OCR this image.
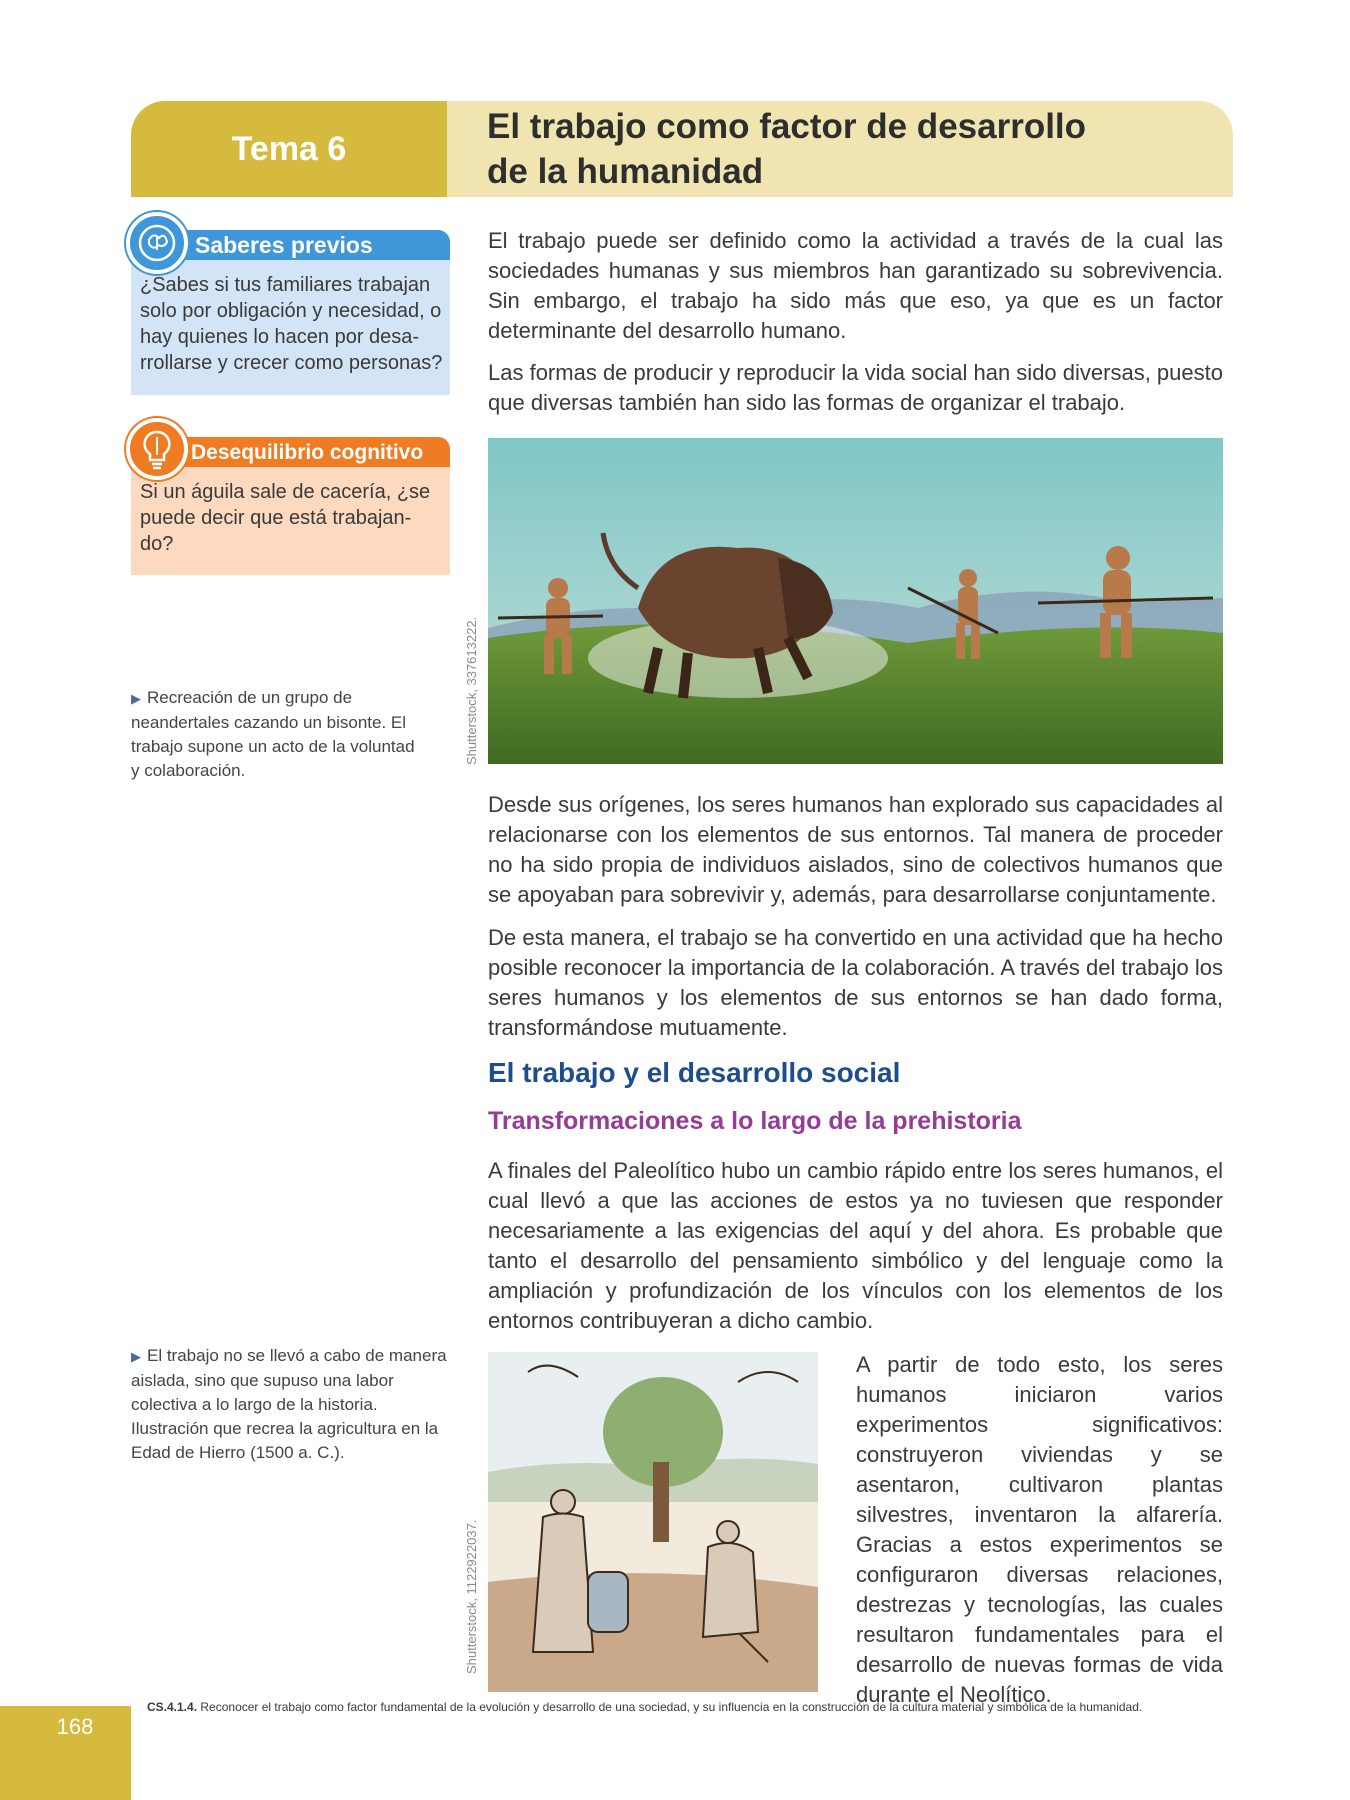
Tema 6
El trabajo como factor de desarrollo
de la humanidad
Saberes previos
¿Sabes si tus familiares trabajan solo por obligación y necesidad, o hay quienes lo hacen por desa-rrollarse y crecer como personas?
Desequilibrio cognitivo
Si un águila sale de cacería, ¿se puede decir que está trabajan-do?
▶ Recreación de un grupo de neandertales cazando un bisonte. El trabajo supone un acto de la voluntad y colaboración.
▶ El trabajo no se llevó a cabo de manera aislada, sino que supuso una labor colectiva a lo largo de la historia. Ilustración que recrea la agricultura en la Edad de Hierro (1500 a. C.).
Shutterstock, 337613222.
Shutterstock, 1122922037.
El trabajo puede ser definido como la actividad a través de la cual las sociedades humanas y sus miembros han garantizado su sobrevivencia. Sin embargo, el trabajo ha sido más que eso, ya que es un factor determinante del desarrollo humano.
Las formas de producir y reproducir la vida social han sido diversas, puesto que diversas también han sido las formas de organizar el trabajo.
Desde sus orígenes, los seres humanos han explorado sus capacidades al relacionarse con los elementos de sus entornos. Tal manera de proceder no ha sido propia de individuos aislados, sino de colectivos humanos que se apoyaban para sobrevivir y, además, para desarrollarse conjuntamente.
De esta manera, el trabajo se ha convertido en una actividad que ha hecho posible reconocer la importancia de la colaboración. A través del trabajo los seres humanos y los elementos de sus entornos se han dado forma, transformándose mutuamente.
El trabajo y el desarrollo social
Transformaciones a lo largo de la prehistoria
A finales del Paleolítico hubo un cambio rápido entre los seres humanos, el cual llevó a que las acciones de estos ya no tuviesen que responder necesariamente a las exigencias del aquí y del ahora. Es probable que tanto el desarrollo del pensamiento simbólico y del lenguaje como la ampliación y profundización de los vínculos con los elementos de los entornos contribuyeran a dicho cambio.
A partir de todo esto, los seres humanos iniciaron varios experimentos significativos: construyeron viviendas y se asentaron, cultivaron plantas silvestres, inventaron la alfarería. Gracias a estos experimentos se configuraron diversas relaciones, destrezas y tecnologías, las cuales resultaron fundamentales para el desarrollo de nuevas formas de vida durante el Neolítico.
168
CS.4.1.4. Reconocer el trabajo como factor fundamental de la evolución y desarrollo de una sociedad, y su influencia en la construcción de la cultura material y simbólica de la humanidad.
